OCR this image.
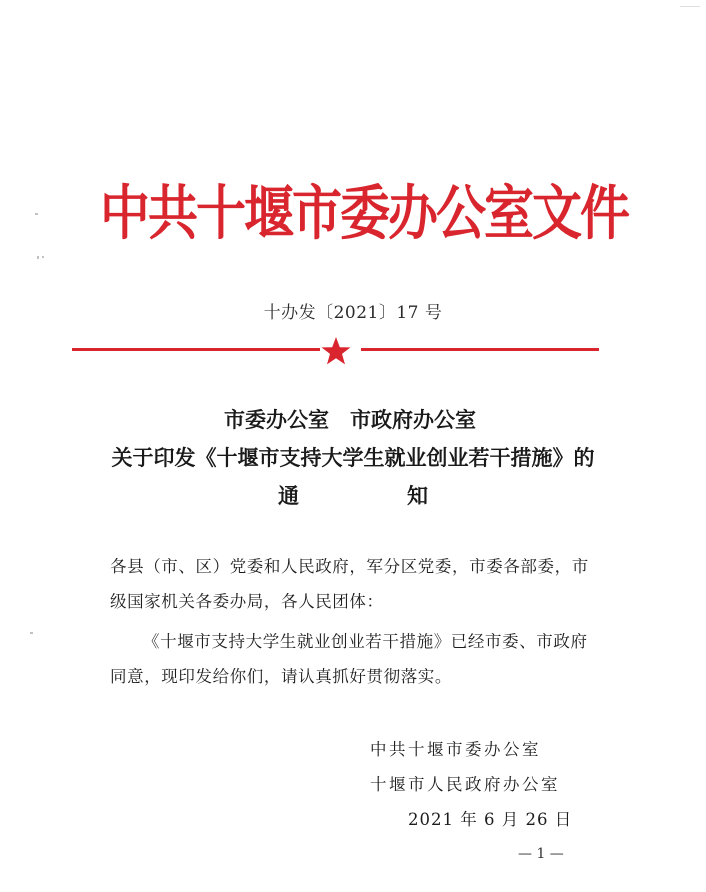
中共十堰市委办公室文件
十办发〔2021〕17 号
市委办公室　市政府办公室
关于印发《十堰市支持大学生就业创业若干措施》的
通	知
各县（市、区）党委和人民政府，军分区党委，市委各部委，市
级国家机关各委办局，各人民团体：
《十堰市支持大学生就业创业若干措施》已经市委、市政府
同意，现印发给你们，请认真抓好贯彻落实。
中共十堰市委办公室
十堰市人民政府办公室
2021 年 6 月 26 日
— 1 —
